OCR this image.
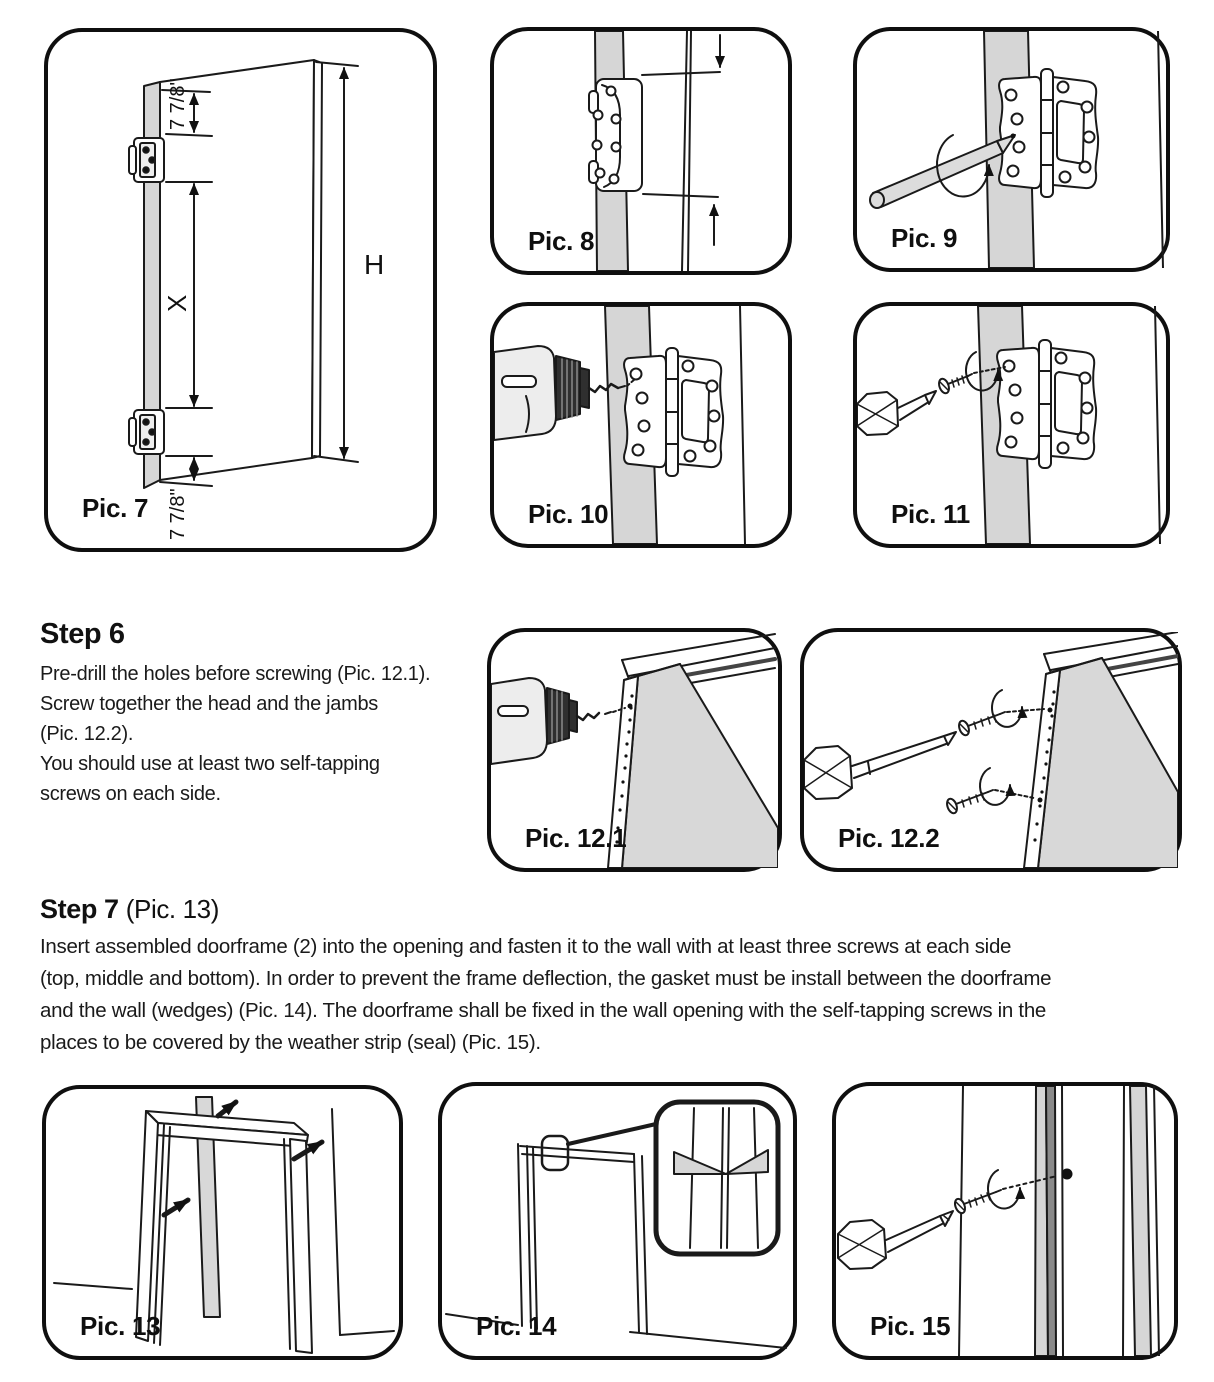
H
7 7/8"
X
7 7/8"
Pic. 7
Pic. 8	Pic. 9
Pic. 10	Pic. 11
Pic. 12.1	Pic. 12.2
Pic. 13	Pic. 14	Pic. 15
Step 6
Pre-drill the holes before screwing (Pic. 12.1).
Screw together the head and the jambs
(Pic. 12.2).
You should use at least two self-tapping
screws on each side.
Step 7 (Pic. 13)
Insert assembled doorframe (2) into the opening and fasten it to the wall with at least three screws at each side
(top, middle and bottom). In order to prevent the frame deflection, the gasket must be install between the doorframe
and the wall (wedges) (Pic. 14). The doorframe shall be fixed in the wall opening with the self-tapping screws in the
places to be covered by the weather strip (seal) (Pic. 15).
